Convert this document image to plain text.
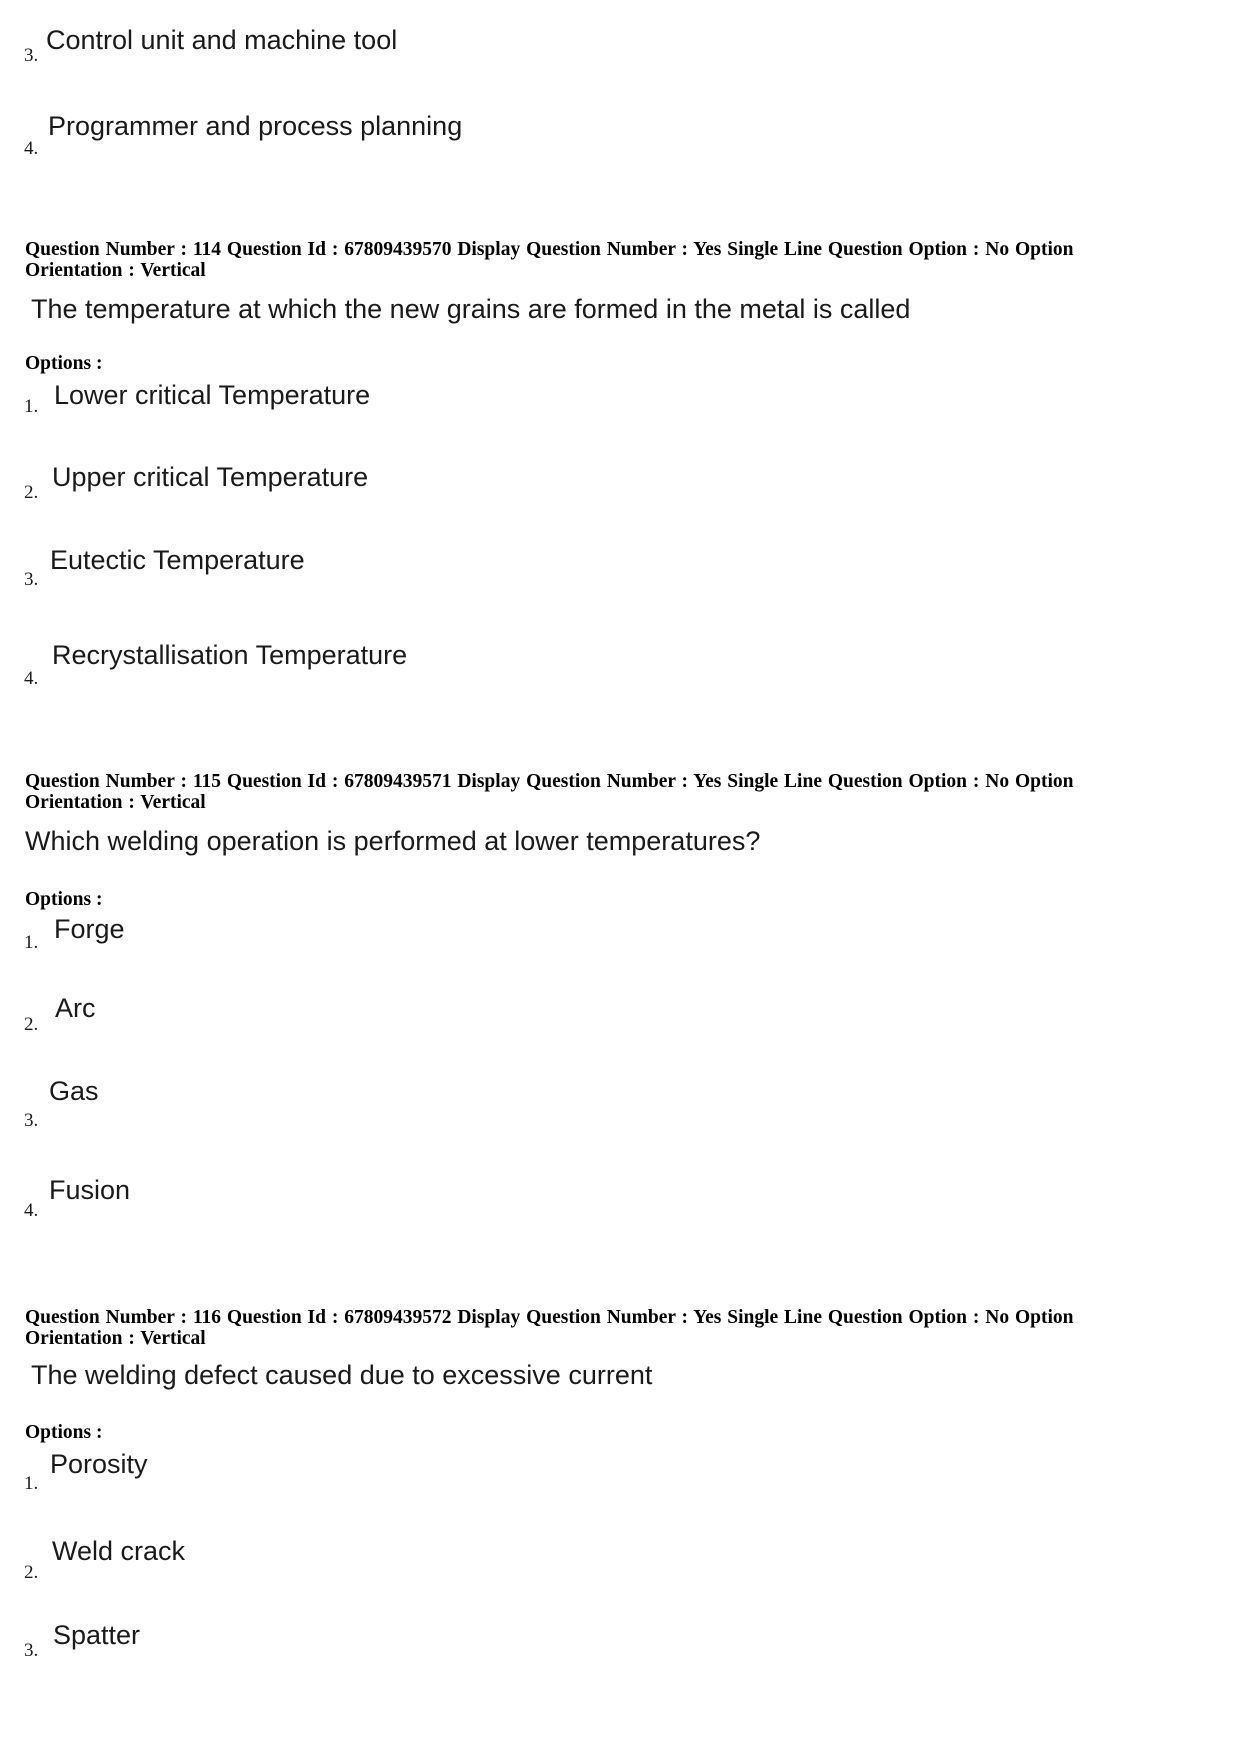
3.
Control unit and machine tool
4.
Programmer and process planning
Question Number : 114 Question Id : 67809439570 Display Question Number : Yes Single Line Question Option : No Option
Orientation : Vertical
The temperature at which the new grains are formed in the metal is called
Options :
1. Lower critical Temperature
2.
Upper critical Temperature
3.
Eutectic Temperature
4.
Recrystallisation Temperature
Question Number : 115 Question Id : 67809439571 Display Question Number : Yes Single Line Question Option : No Option
Orientation : Vertical
Which welding operation is performed at lower temperatures?
Options :
1. Forge
2.
Arc
3.
Gas
4.
Fusion
Question Number : 116 Question Id : 67809439572 Display Question Number : Yes Single Line Question Option : No Option
Orientation : Vertical
The welding defect caused due to excessive current
Options :
1.
Porosity
2.
Weld crack
3.
Spatter
